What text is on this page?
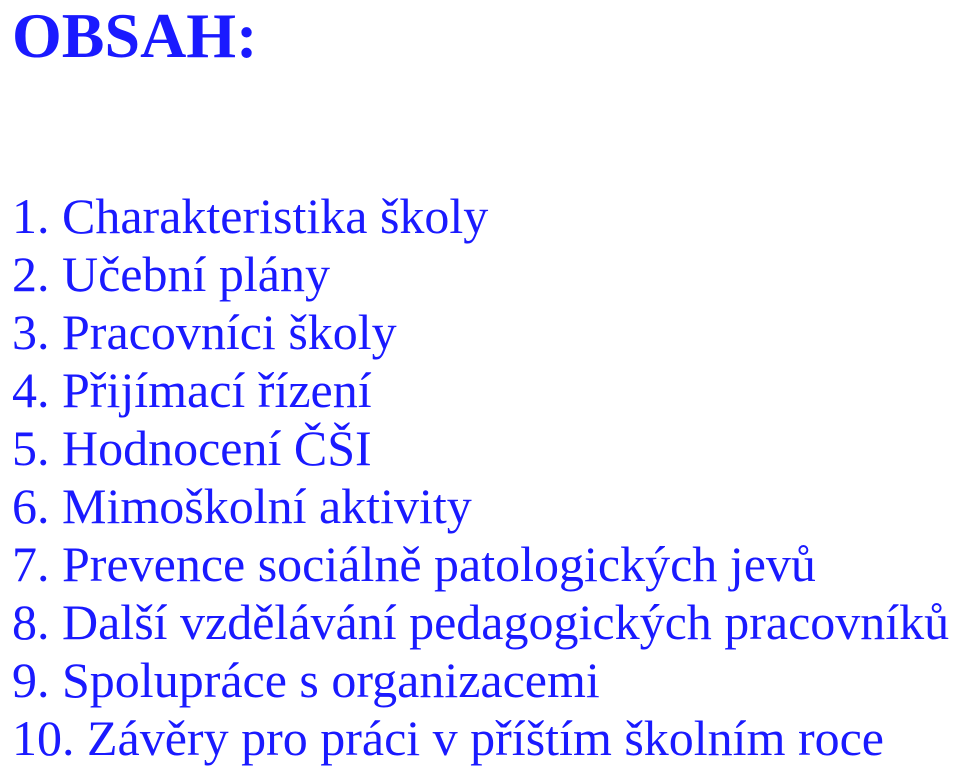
OBSAH:
1. Charakteristika školy
2. Učební plány
3. Pracovníci školy
4. Přijímací řízení
5. Hodnocení ČŠI
6. Mimoškolní aktivity
7. Prevence sociálně patologických jevů
8. Další vzdělávání pedagogických pracovníků
9. Spolupráce s organizacemi
10. Závěry pro práci v příštím školním roce
